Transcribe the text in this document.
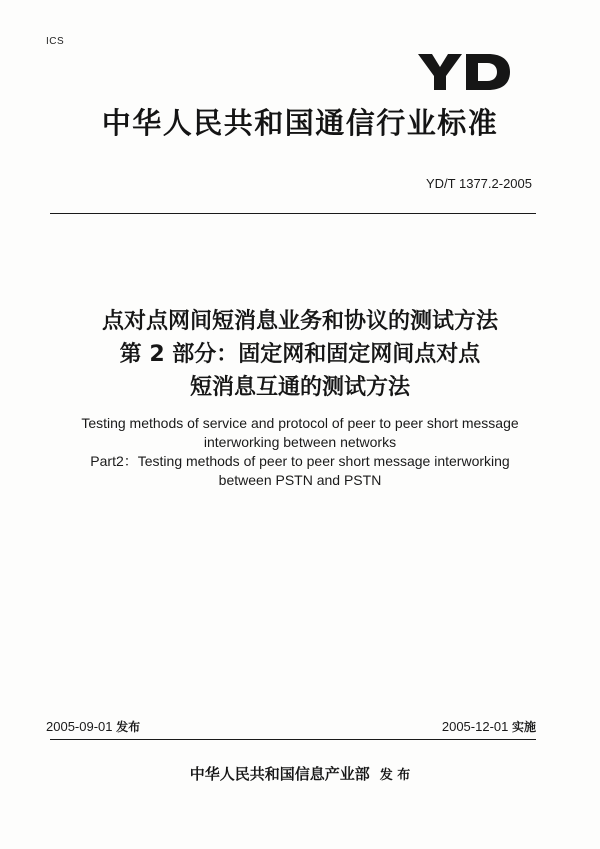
ICS
中华人民共和国通信行业标准
YD/T 1377.2-2005
点对点网间短消息业务和协议的测试方法
第 2 部分：固定网和固定网间点对点
短消息互通的测试方法
Testing methods of service and protocol of peer to peer short message
interworking between networks
Part2：Testing methods of peer to peer short message interworking
between PSTN and PSTN
2005-09-01 发布	2005-12-01 实施
中华人民共和国信息产业部 发 布
